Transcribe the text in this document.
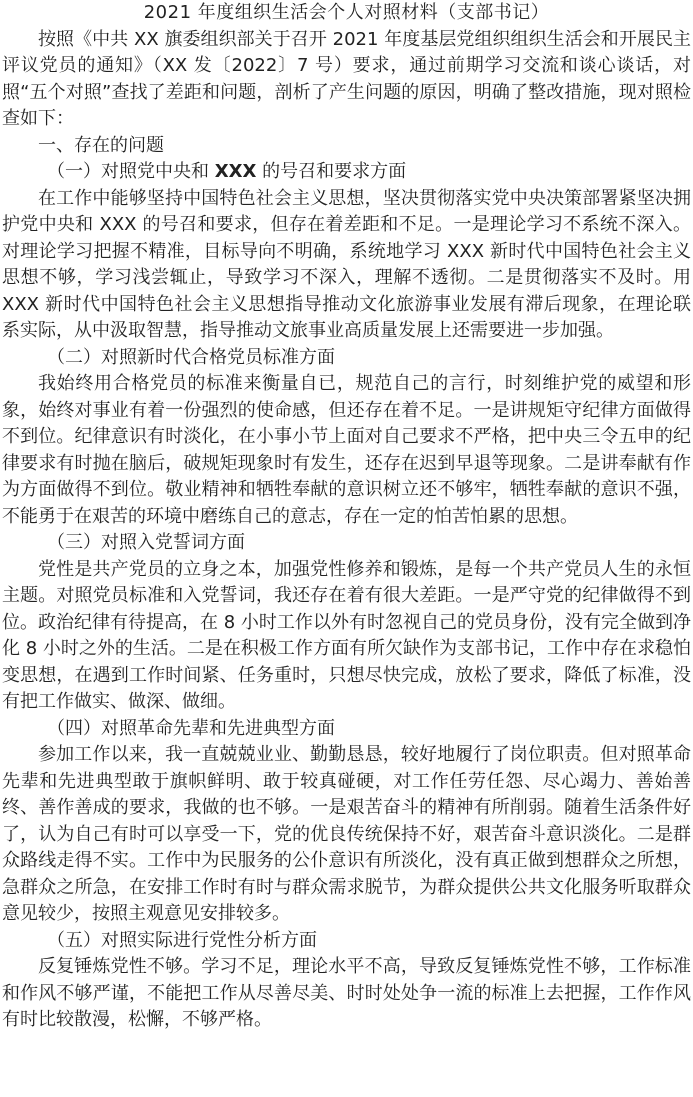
2021 年度组织生活会个人对照材料（支部书记）

按照《中共 XX 旗委组织部关于召开 2021 年度基层党组织组织生活会和开展民主评议党员的通知》（XX 发〔2022〕7 号）要求，通过前期学习交流和谈心谈话，对照“五个对照”查找了差距和问题，剖析了产生问题的原因，明确了整改措施，现对照检查如下：

一、存在的问题

（一）对照党中央和 XXX 的号召和要求方面

在工作中能够坚持中国特色社会主义思想，坚决贯彻落实党中央决策部署紧坚决拥护党中央和 XXX 的号召和要求，但存在着差距和不足。一是理论学习不系统不深入。对理论学习把握不精准，目标导向不明确，系统地学习 XXX 新时代中国特色社会主义思想不够，学习浅尝辄止，导致学习不深入，理解不透彻。二是贯彻落实不及时。用 XXX 新时代中国特色社会主义思想指导推动文化旅游事业发展有滞后现象，在理论联系实际，从中汲取智慧，指导推动文旅事业高质量发展上还需要进一步加强。

（二）对照新时代合格党员标准方面

我始终用合格党员的标准来衡量自已，规范自己的言行，时刻维护党的威望和形象，始终对事业有着一份强烈的使命感，但还存在着不足。一是讲规矩守纪律方面做得不到位。纪律意识有时淡化，在小事小节上面对自己要求不严格，把中央三令五申的纪律要求有时抛在脑后，破规矩现象时有发生，还存在迟到早退等现象。二是讲奉献有作为方面做得不到位。敬业精神和牺牲奉献的意识树立还不够牢，牺牲奉献的意识不强，不能勇于在艰苦的环境中磨练自己的意志，存在一定的怕苦怕累的思想。

（三）对照入党誓词方面

党性是共产党员的立身之本，加强党性修养和锻炼，是每一个共产党员人生的永恒主题。对照党员标准和入党誓词，我还存在着有很大差距。一是严守党的纪律做得不到位。政治纪律有待提高，在 8 小时工作以外有时忽视自己的党员身份，没有完全做到净化 8 小时之外的生活。二是在积极工作方面有所欠缺作为支部书记，工作中存在求稳怕变思想，在遇到工作时间紧、任务重时，只想尽快完成，放松了要求，降低了标准，没有把工作做实、做深、做细。

（四）对照革命先辈和先进典型方面

参加工作以来，我一直兢兢业业、勤勤恳恳，较好地履行了岗位职责。但对照革命先辈和先进典型敢于旗帜鲜明、敢于较真碰硬，对工作任劳任怨、尽心竭力、善始善终、善作善成的要求，我做的也不够。一是艰苦奋斗的精神有所削弱。随着生活条件好了，认为自己有时可以享受一下，党的优良传统保持不好，艰苦奋斗意识淡化。二是群众路线走得不实。工作中为民服务的公仆意识有所淡化，没有真正做到想群众之所想，急群众之所急，在安排工作时有时与群众需求脱节，为群众提供公共文化服务听取群众意见较少，按照主观意见安排较多。

（五）对照实际进行党性分析方面

反复锤炼党性不够。学习不足，理论水平不高，导致反复锤炼党性不够，工作标准和作风不够严谨，不能把工作从尽善尽美、时时处处争一流的标准上去把握，工作作风有时比较散漫，松懈，不够严格。
